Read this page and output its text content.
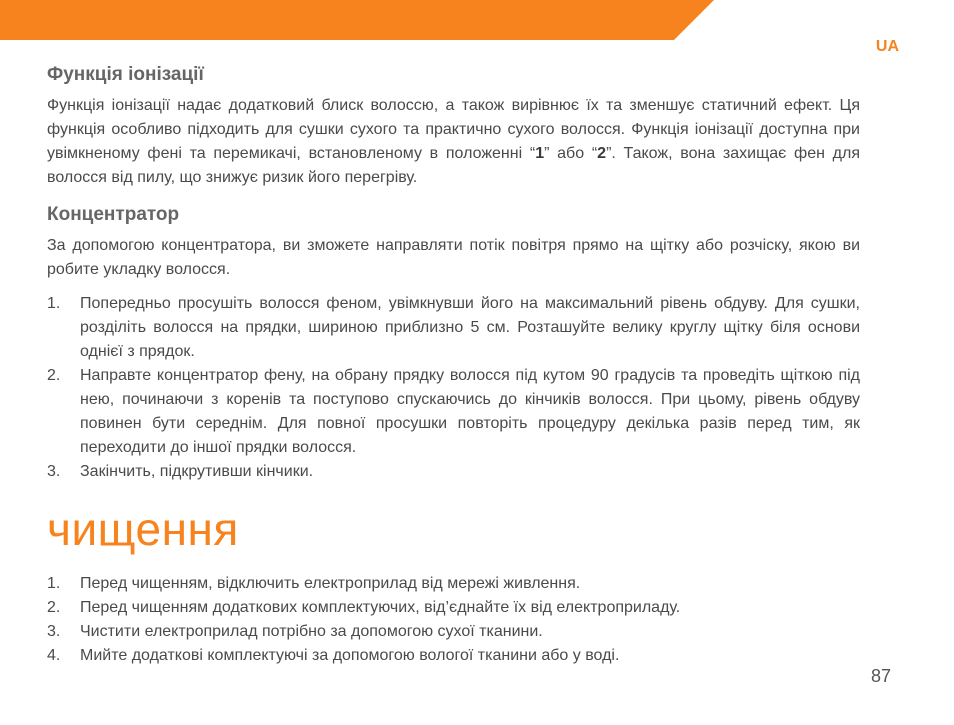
UA
Функція іонізації

Функція іонізації надає додатковий блиск волоссю, а також вирівнює їх та зменшує статичний ефект. Ця функція особливо підходить для сушки сухого та практично сухого волосся. Функція іонізації доступна при увімкненому фені та перемикачі, встановленому в положенні “1” або “2”. Також, вона захищає фен для волосся від пилу, що знижує ризик його перегріву.

Концентратор

За допомогою концентратора, ви зможете направляти потік повітря прямо на щітку або розчіску, якою ви робите укладку волосся.

1. Попередньо просушіть волосся феном, увімкнувши його на максимальний рівень обдуву. Для сушки, розділіть волосся на прядки, шириною приблизно 5 см. Розташуйте велику круглу щітку біля основи однієї з прядок.
2. Направте концентратор фену, на обрану прядку волосся під кутом 90 градусів та проведіть щіткою під нею, починаючи з коренів та поступово спускаючись до кінчиків волосся. При цьому, рівень обдуву повинен бути середнім. Для повної просушки повторіть процедуру декілька разів перед тим, як переходити до іншої прядки волосся.
3. Закінчить, підкрутивши кінчики.
чищення
1. Перед чищенням, відключить електроприлад від мережі живлення.
2. Перед чищенням додаткових комплектуючих, від’єднайте їх від електроприладу.
3. Чистити електроприлад потрібно за допомогою сухої тканини.
4. Мийте додаткові комплектуючі за допомогою вологої тканини або у воді.
87
